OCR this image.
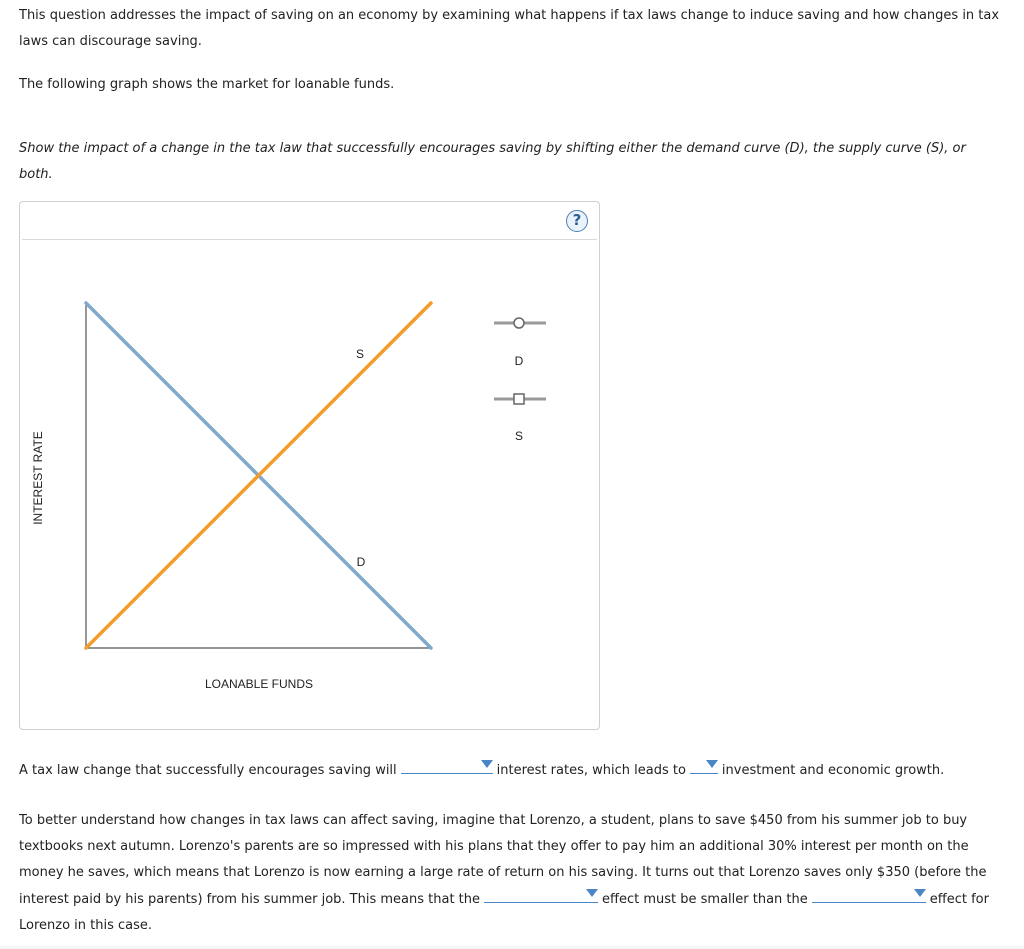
This question addresses the impact of saving on an economy by examining what happens if tax laws change to induce saving and how changes in tax
laws can discourage saving.

The following graph shows the market for loanable funds.

Show the impact of a change in the tax law that successfully encourages saving by shifting either the demand curve (D), the supply curve (S), or
both.

?
S
D
LOANABLE FUNDS
INTEREST RATE
D
S

A tax law change that successfully encourages saving will	interest rates, which leads to	investment and economic growth.

To better understand how changes in tax laws can affect saving, imagine that Lorenzo, a student, plans to save $450 from his summer job to buy
textbooks next autumn. Lorenzo's parents are so impressed with his plans that they offer to pay him an additional 30% interest per month on the
money he saves, which means that Lorenzo is now earning a large rate of return on his saving. It turns out that Lorenzo saves only $350 (before the
interest paid by his parents) from his summer job. This means that the	effect must be smaller than the	effect for
Lorenzo in this case.
